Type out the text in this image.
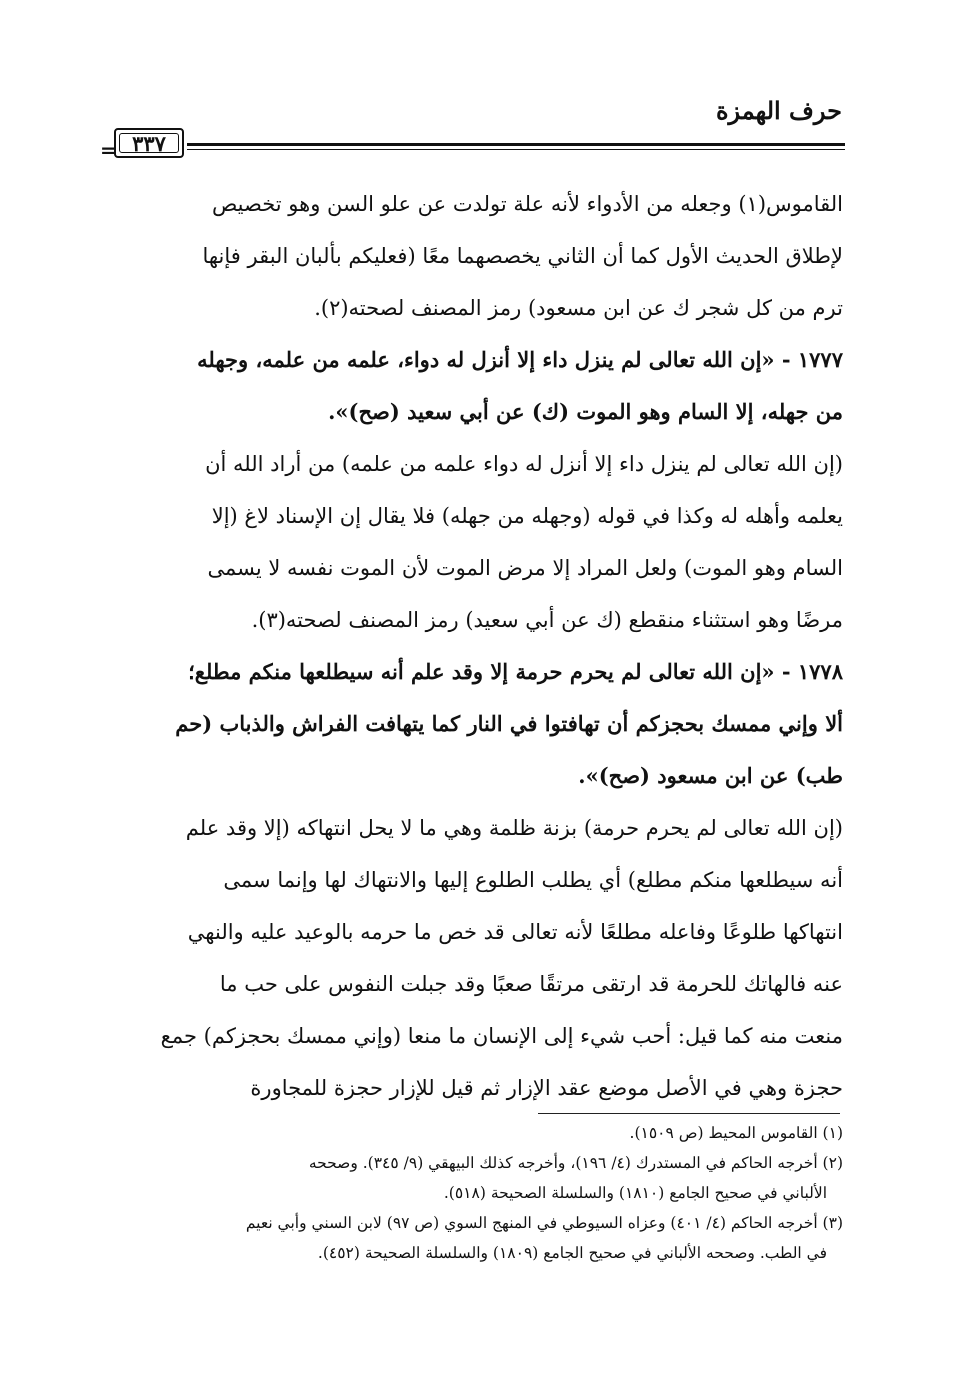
حرف الهمزة
= ٣٣٧
القاموس(١) وجعله من الأدواء لأنه علة تولدت عن علو السن وهو تخصيص
لإطلاق الحديث الأول كما أن الثاني يخصصهما معًا (فعليكم بألبان البقر فإنها
ترم من كل شجر ك عن ابن مسعود) رمز المصنف لصحته(٢).
١٧٧٧ - «إن الله تعالى لم ينزل داء إلا أنزل له دواء، علمه من علمه، وجهله
من جهله، إلا السام وهو الموت (ك) عن أبي سعيد (صح)».
(إن الله تعالى لم ينزل داء إلا أنزل له دواء علمه من علمه) من أراد الله أن
يعلمه وأهله له وكذا في قوله (وجهله من جهله) فلا يقال إن الإسناد لاغ (إلا
السام وهو الموت) ولعل المراد إلا مرض الموت لأن الموت نفسه لا يسمى
مرضًا وهو استثناء منقطع (ك عن أبي سعيد) رمز المصنف لصحته(٣).
١٧٧٨ - «إن الله تعالى لم يحرم حرمة إلا وقد علم أنه سيطلعها منكم مطلع؛
ألا وإني ممسك بحجزكم أن تهافتوا في النار كما يتهافت الفراش والذباب (حم
طب) عن ابن مسعود (صح)».
(إن الله تعالى لم يحرم حرمة) بزنة ظلمة وهي ما لا يحل انتهاكه (إلا وقد علم
أنه سيطلعها منكم مطلع) أي يطلب الطلوع إليها والانتهاك لها وإنما سمى
انتهاكها طلوعًا وفاعله مطلعًا لأنه تعالى قد خص ما حرمه بالوعيد عليه والنهي
عنه فالهاتك للحرمة قد ارتقى مرتقًا صعبًا وقد جبلت النفوس على حب ما
منعت منه كما قيل: أحب شيء إلى الإنسان ما منعا (وإني ممسك بحجزكم) جمع
حجزة وهي في الأصل موضع عقد الإزار ثم قيل للإزار حجزة للمجاورة
(١) القاموس المحيط (ص ١٥٠٩).
(٢) أخرجه الحاكم في المستدرك (٤/ ١٩٦)، وأخرجه كذلك البيهقي (٩/ ٣٤٥). وصححه
الألباني في صحيح الجامع (١٨١٠) والسلسلة الصحيحة (٥١٨).
(٣) أخرجه الحاكم (٤/ ٤٠١) وعزاه السيوطي في المنهج السوي (ص ٩٧) لابن السني وأبي نعيم
في الطب. وصححه الألباني في صحيح الجامع (١٨٠٩) والسلسلة الصحيحة (٤٥٢).
